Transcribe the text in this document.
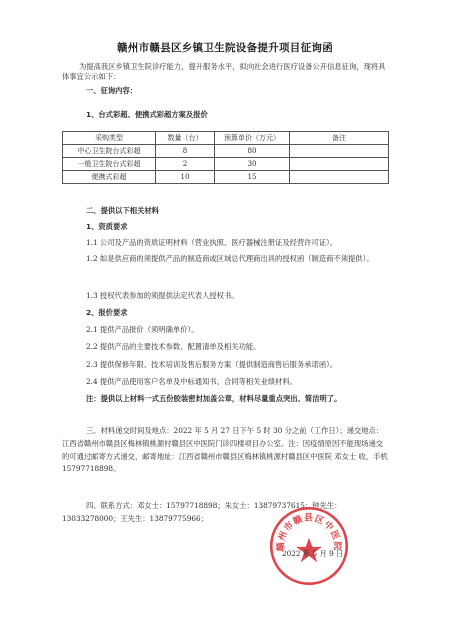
赣州市赣县区乡镇卫生院设备提升项目征询函
为提高我区乡镇卫生院诊疗能力，提升服务水平，拟向社会进行医疗设备公开信息征询，现将具体事宜公示如下：
一、征询内容：
1、台式彩超、便携式彩超方案及报价
采购类型	数量（台）	预算单价（万元）	备注
中心卫生院台式彩超	8	80	
一般卫生院台式彩超	2	30	
便携式彩超	10	15	
二、提供以下相关材料
1、资质要求
1.1 公司及产品的资质证明材料（营业执照、医疗器械注册证及经营许可证）。
1.2 如是供应商的须提供产品的制造商或区域总代理商出具的授权函（制造商不须提供）。
1.3 授权代表参加的须提供法定代表人授权书。
2、报价要求
2.1 提供产品报价（须明确单价）。
2.2 提供产品的主要技术参数、配置清单及相关功能。
2.3 提供保修年限、技术培训及售后服务方案（提供制造商售后服务承诺函）。
2.4 提供产品使用客户名单及中标通知书、合同等相关业绩材料。
注：提供以上材料一式五份胶装密封加盖公章，材料尽量重点突出、简洁明了。
三、材料递交时间及地点：2022 年 5 月 27 日下午 5 时 30 分之前（工作日）；递交地点：江西省赣州市赣县区梅林镇桃源村赣县区中医院门诊四楼项目办公室。注：因疫情原因不能现场递交的可通过邮寄方式递交，邮寄地址：江西省赣州市赣县区梅林镇桃源村赣县区中医院 邓女士 收，手机 15797718898。
四、联系方式：邓女士：15797718898；朱女士：13879737615；钟先生：13033278000；王先生：13879775966；
赣州市赣县区中医院
2022 年 5 月 9 日
